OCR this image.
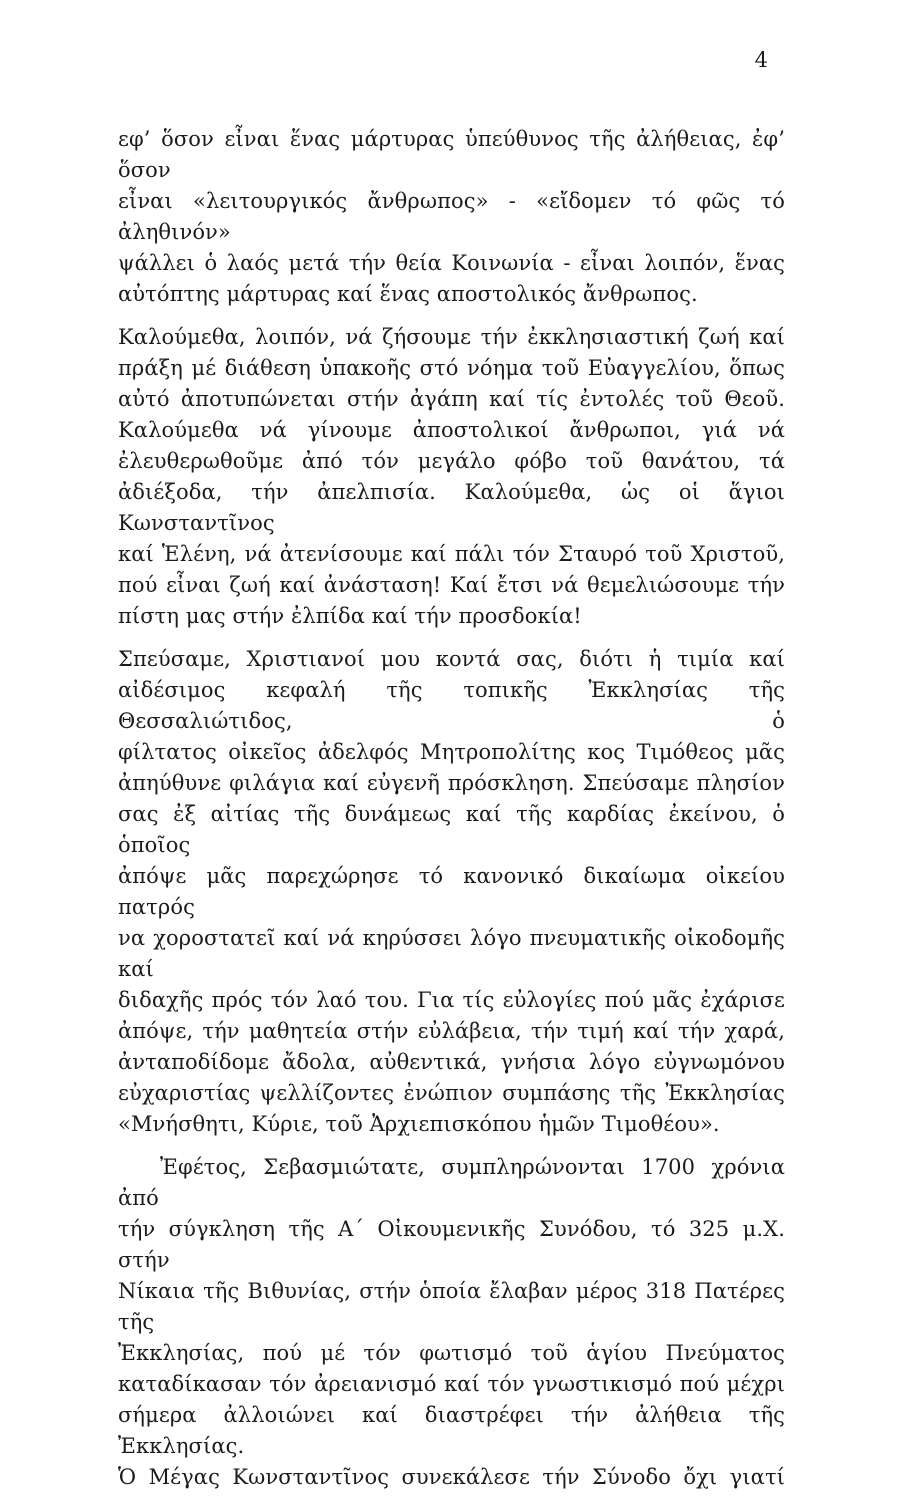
4
εφ’ ὅσον εἶναι ἕνας μάρτυρας ὑπεύθυνος τῆς ἀλήθειας, ἐφ’ ὅσον
εἶναι «λειτουργικός ἄνθρωπος» - «εἴδομεν τό φῶς τό ἀληθινόν»
ψάλλει ὁ λαός μετά τήν θεία Κοινωνία - εἶναι λοιπόν, ἕνας
αὐτόπτης μάρτυρας καί ἕνας αποστολικός ἄνθρωπος.
Καλούμεθα, λοιπόν, νά ζήσουμε τήν ἐκκλησιαστική ζωή καί
πράξη μέ διάθεση ὑπακοῆς στό νόημα τοῦ Εὐαγγελίου, ὅπως
αὐτό ἀποτυπώνεται στήν ἀγάπη καί τίς ἐντολές τοῦ Θεοῦ.
Καλούμεθα νά γίνουμε ἀποστολικοί ἄνθρωποι, γιά νά
ἐλευθερωθοῦμε ἀπό τόν μεγάλο φόβο τοῦ θανάτου, τά
ἀδιέξοδα, τήν ἀπελπισία. Καλούμεθα, ὡς οἱ ἅγιοι Κωνσταντῖνος
καί Ἑλένη, νά ἀτενίσουμε καί πάλι τόν Σταυρό τοῦ Χριστοῦ,
πού εἶναι ζωή καί ἀνάσταση! Καί ἔτσι νά θεμελιώσουμε τήν
πίστη μας στήν ἐλπίδα καί τήν προσδοκία!
Σπεύσαμε, Χριστιανοί μου κοντά σας, διότι ἡ τιμία καί
αἰδέσιμος κεφαλή τῆς τοπικῆς Ἐκκλησίας τῆς Θεσσαλιώτιδος, ὁ
φίλτατος οἰκεῖος ἀδελφός Μητροπολίτης κος Τιμόθεος μᾶς
ἀπηύθυνε φιλάγια καί εὐγενῆ πρόσκληση. Σπεύσαμε πλησίον
σας ἐξ αἰτίας τῆς δυνάμεως καί τῆς καρδίας ἐκείνου, ὁ ὁποῖος
ἀπόψε μᾶς παρεχώρησε τό κανονικό δικαίωμα οἰκείου πατρός
να χοροστατεῖ καί νά κηρύσσει λόγο πνευματικῆς οἰκοδομῆς καί
διδαχῆς πρός τόν λαό του. Για τίς εὐλογίες πού μᾶς ἐχάρισε
ἀπόψε, τήν μαθητεία στήν εὐλάβεια, τήν τιμή καί τήν χαρά,
ἀνταποδίδομε ἄδολα, αὐθεντικά, γνήσια λόγο εὐγνωμόνου
εὐχαριστίας ψελλίζοντες ἐνώπιον συμπάσης τῆς Ἐκκλησίας
«Μνήσθητι, Κύριε, τοῦ Ἀρχιεπισκόπου ἡμῶν Τιμοθέου».
Ἐφέτος, Σεβασμιώτατε, συμπληρώνονται 1700 χρόνια ἀπό
τήν σύγκληση τῆς Α΄ Οἰκουμενικῆς Συνόδου, τό 325 μ.Χ. στήν
Νίκαια τῆς Βιθυνίας, στήν ὁποία ἔλαβαν μέρος 318 Πατέρες τῆς
Ἐκκλησίας, πού μέ τόν φωτισμό τοῦ ἁγίου Πνεύματος
καταδίκασαν τόν ἀρειανισμό καί τόν γνωστικισμό πού μέχρι
σήμερα ἀλλοιώνει καί διαστρέφει τήν ἀλήθεια τῆς Ἐκκλησίας.
Ὁ Μέγας Κωνσταντῖνος συνεκάλεσε τήν Σύνοδο ὄχι γιατί
